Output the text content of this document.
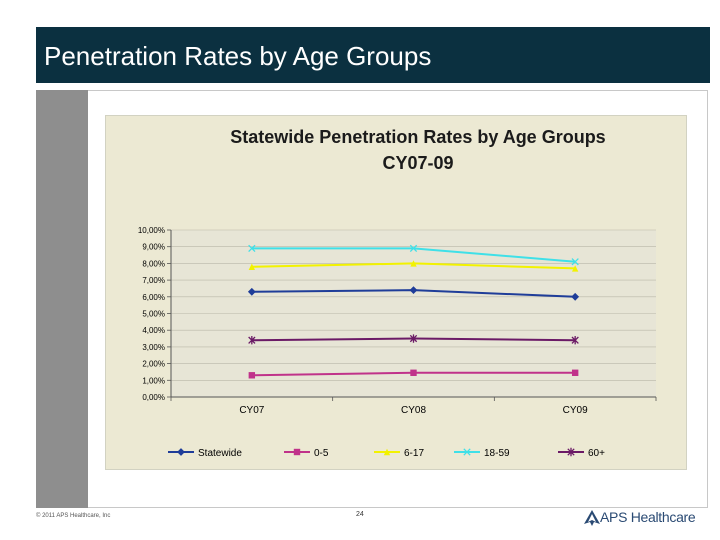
Penetration Rates by Age Groups
Statewide Penetration Rates by Age Groups
CY07-09
0,00%
1,00%
2,00%
3,00%
4,00%
5,00%
6,00%
7,00%
8,00%
9,00%
10,00%
CY07	CY08	CY09
Statewide	0-5	6-17	18-59	60+
© 2011 APS Healthcare, Inc	24	APS Healthcare
